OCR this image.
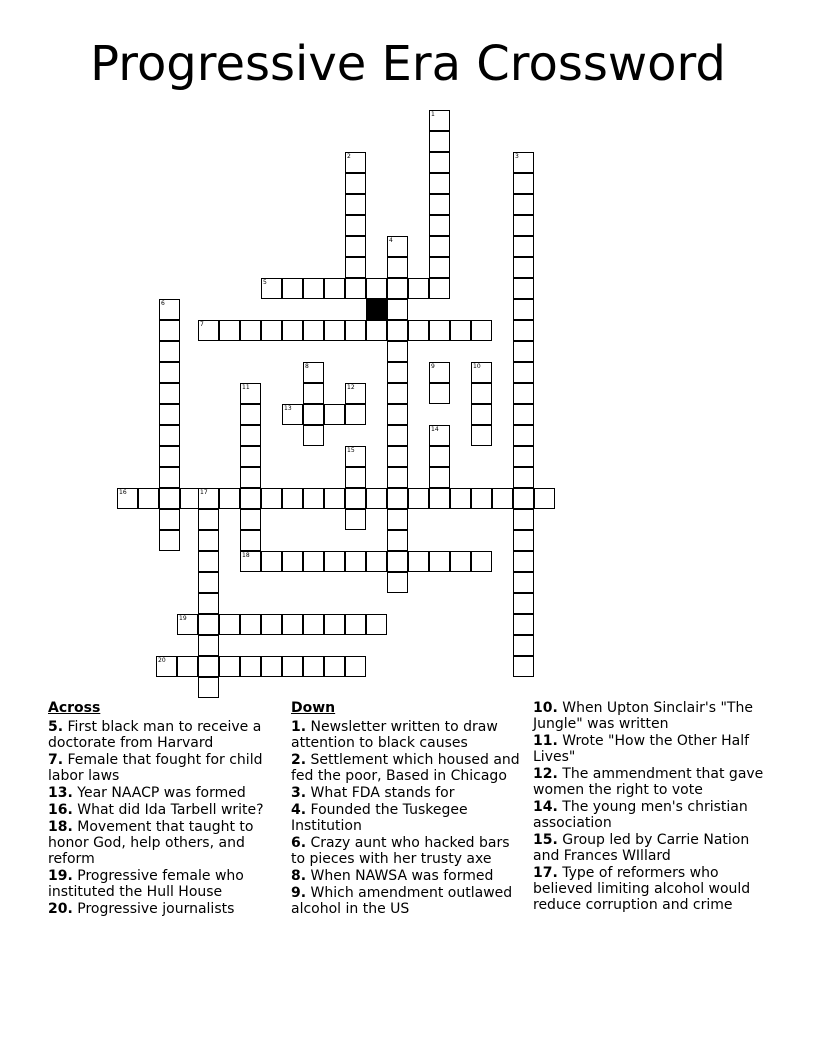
Progressive Era Crossword
1
2	3
4
5
6
7
8	9	10
11	12
13
14
15
16	17
18
19
20
Across
5. First black man to receive a doctorate from Harvard
7. Female that fought for child labor laws
13. Year NAACP was formed
16. What did Ida Tarbell write?
18. Movement that taught to honor God, help others, and reform
19. Progressive female who instituted the Hull House
20. Progressive journalists
Down
1. Newsletter written to draw attention to black causes
2. Settlement which housed and fed the poor, Based in Chicago
3. What FDA stands for
4. Founded the Tuskegee Institution
6. Crazy aunt who hacked bars to pieces with her trusty axe
8. When NAWSA was formed
9. Which amendment outlawed alcohol in the US
10. When Upton Sinclair's "The Jungle" was written
11. Wrote "How the Other Half Lives"
12. The ammendment that gave women the right to vote
14. The young men's christian association
15. Group led by Carrie Nation and Frances WIllard
17. Type of reformers who believed limiting alcohol would reduce corruption and crime
